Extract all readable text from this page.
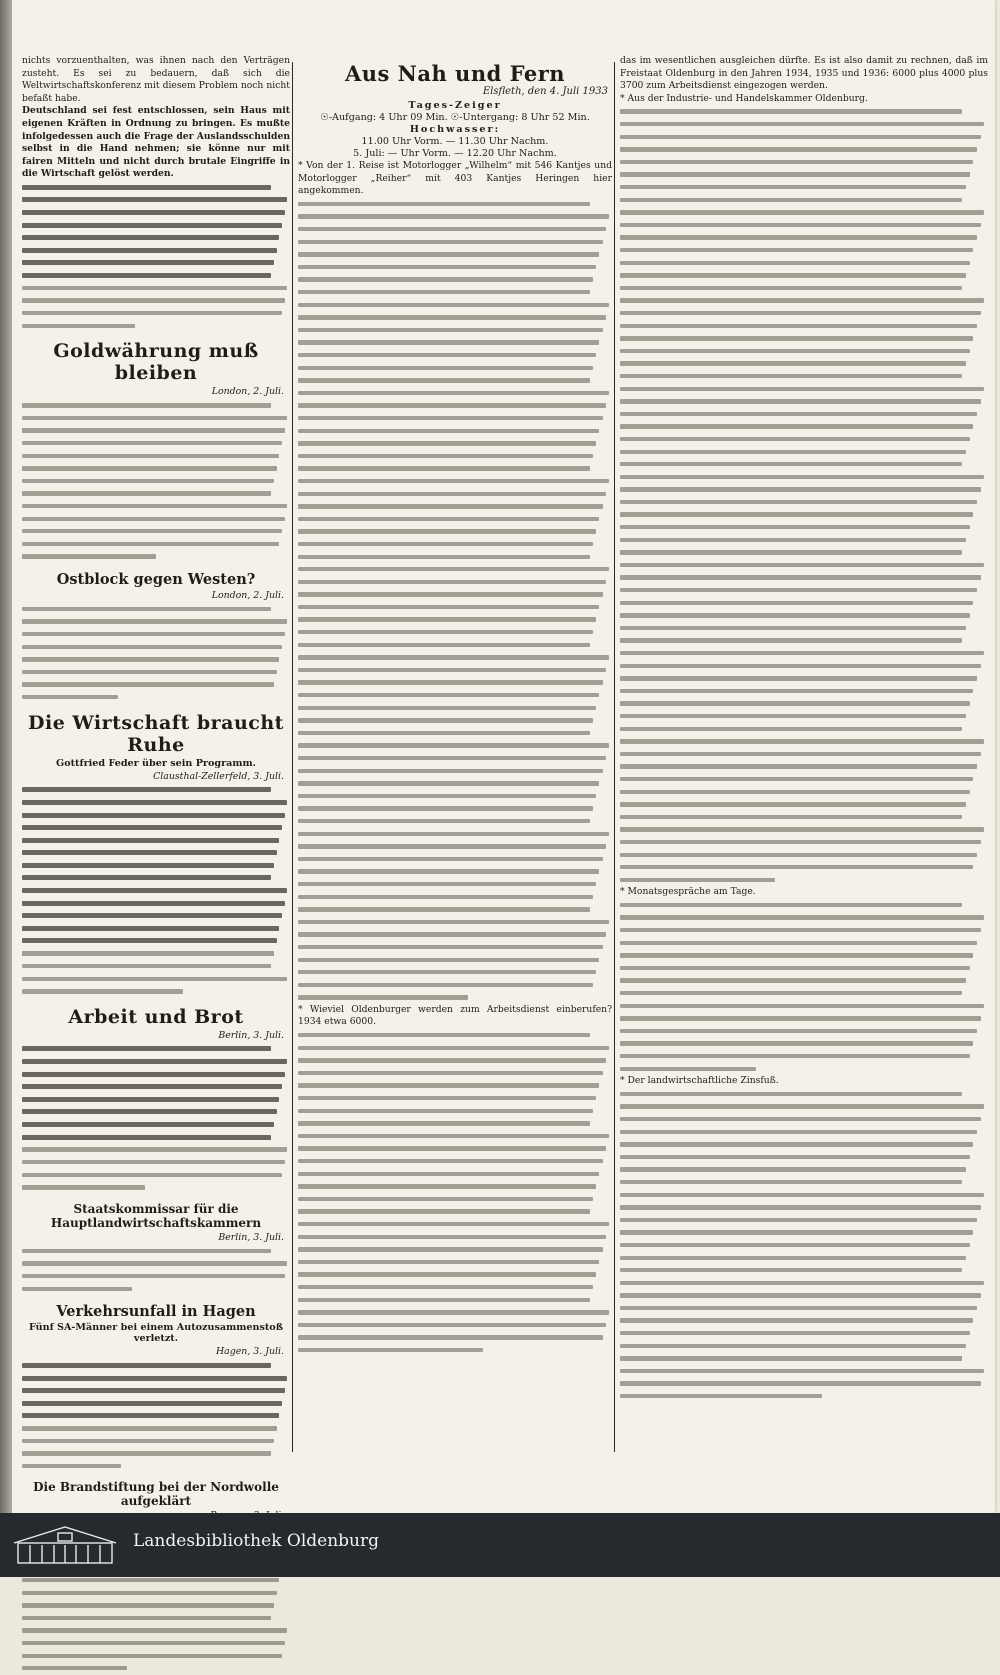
nichts vorzuenthalten, was ihnen nach den Verträgen zusteht. Es sei zu bedauern, daß sich die Weltwirtschaftskonferenz mit diesem Problem noch nicht befaßt habe.

Deutschland sei fest entschlossen, sein Haus mit eigenen Kräften in Ordnung zu bringen. Es mußte infolgedessen auch die Frage der Auslandsschulden selbst in die Hand nehmen; sie könne nur mit fairen Mitteln und nicht durch brutale Eingriffe in die Wirtschaft gelöst werden.

Goldwährung muß bleiben
London, 2. Juli.
Ostblock gegen Westen?
London, 2. Juli.
Die Wirtschaft braucht Ruhe
Gottfried Feder über sein Programm.
Clausthal-Zellerfeld, 3. Juli.
Arbeit und Brot
Berlin, 3. Juli.
Staatskommissar für die Hauptlandwirtschaftskammern
Berlin, 3. Juli.
Verkehrsunfall in Hagen
Fünf SA-Männer bei einem Autozusammenstoß verletzt.
Hagen, 3. Juli.
Die Brandstiftung bei der Nordwolle aufgeklärt
Aus Nah und Fern
Elsfleth, den 4. Juli 1933
Tages-Zeiger
☉-Aufgang: 4 Uhr 09 Min. ☉-Untergang: 8 Uhr 52 Min.
Hochwasser:
11.00 Uhr Vorm. — 11.30 Uhr Nachm.
5. Juli: — Uhr Vorm. — 12.20 Uhr Nachm.

* Von der 1. Reise ist Motorlogger „Wilhelm“ mit 546 Kantjes und Motorlogger „Reiher“ mit 403 Kantjes Heringen hier angekommen.

* Wieviel Oldenburger werden zum Arbeitsdienst einberufen? 1934 etwa 6000.

das im wesentlichen ausgleichen dürfte. Es ist also damit zu rechnen, daß im Freistaat Oldenburg in den Jahren 1934, 1935 und 1936: 6000 plus 4000 plus 3700 zum Arbeitsdienst eingezogen werden.

* Aus der Industrie- und Handelskammer Oldenburg.

* Monatsgespräche am Tage.

* Der landwirtschaftliche Zinsfuß.

Landesbibliothek Oldenburg
